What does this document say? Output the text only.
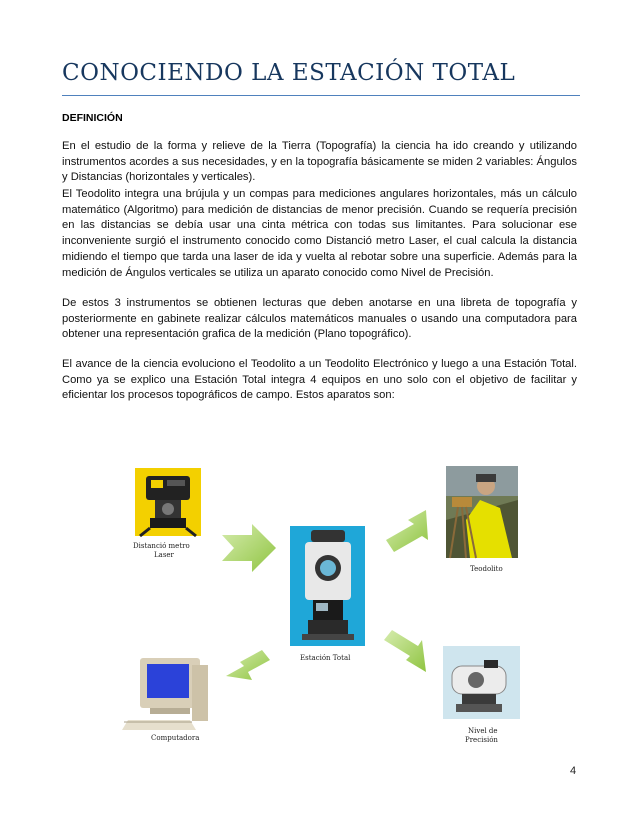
CONOCIENDO LA ESTACIÓN TOTAL
DEFINICIÓN

En el estudio de la forma y relieve de la Tierra (Topografía) la ciencia ha ido creando y utilizando instrumentos acordes a sus necesidades, y en la topografía básicamente se miden 2 variables: Ángulos y Distancias (horizontales y verticales).

El Teodolito integra una brújula y un compas para mediciones angulares horizontales, más un cálculo matemático (Algoritmo) para medición de distancias de menor precisión. Cuando se requería precisión en las distancias se debía usar una cinta métrica con todas sus limitantes. Para solucionar ese inconveniente surgió el instrumento conocido como Distanció metro Laser, el cual calcula la distancia midiendo el tiempo que tarda una laser de ida y vuelta al rebotar sobre una superficie. Además para la medición de Ángulos verticales se utiliza un aparato conocido como Nivel de Precisión.

De estos 3 instrumentos se obtienen lecturas que deben anotarse en una libreta de topografía y posteriormente en gabinete realizar cálculos matemáticos manuales o usando una computadora para obtener una representación grafica de la medición (Plano topográfico).

El avance de la ciencia evoluciono el Teodolito a un Teodolito Electrónico y luego a una Estación Total. Como ya se explico una Estación Total integra 4 equipos en uno solo con el objetivo de facilitar y eficientar los procesos topográficos de campo. Estos aparatos son:

Distanció metro
Laser
Teodolito
Estación Total
Computadora
Nivel de
Precisión
4
